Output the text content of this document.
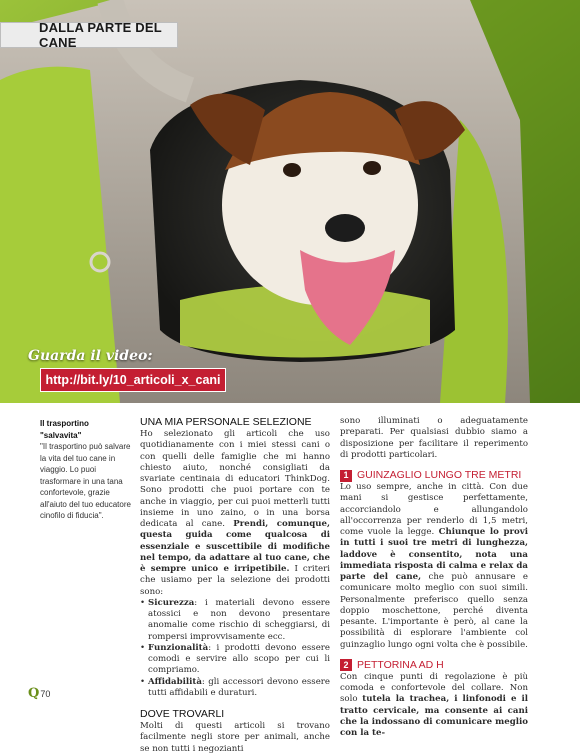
DALLA PARTE DEL CANE
Guarda il video:
http://bit.ly/10_articoli_x_cani
Il trasportino "salvavita"
"Il trasportino può salvare la vita del tuo cane in viaggio. Lo puoi trasformare in una tana confortevole, grazie all'aiuto del tuo educatore cinofilo di fiducia".
UNA MIA PERSONALE SELEZIONE

Ho selezionato gli articoli che uso quotidianamente con i miei stessi cani o con quelli delle famiglie che mi hanno chiesto aiuto, nonché consigliati da svariate centinaia di educatori ThinkDog. Sono prodotti che puoi portare con te anche in viaggio, per cui puoi metterli tutti insieme in uno zaino, o in una borsa dedicata al cane. Prendi, comunque, questa guida come qualcosa di essenziale e suscettibile di modifiche nel tempo, da adattare al tuo cane, che è sempre unico e irripetibile. I criteri che usiamo per la selezione dei prodotti sono:

• Sicurezza: i materiali devono essere atossici e non devono presentare anomalie come rischio di scheggiarsi, di rompersi improvvisamente ecc.
• Funzionalità: i prodotti devono essere comodi e servire allo scopo per cui li compriamo.
• Affidabilità: gli accessori devono essere tutti affidabili e duraturi.
DOVE TROVARLI

Molti di questi articoli si trovano facilmente negli store per animali, anche se non tutti i negozianti

sono illuminati o adeguatamente preparati. Per qualsiasi dubbio siamo a disposizione per facilitare il reperimento di prodotti particolari.

1 GUINZAGLIO LUNGO TRE METRI

Lo uso sempre, anche in città. Con due mani si gestisce perfettamente, accorciandolo e allungandolo all'occorrenza per renderlo di 1,5 metri, come vuole la legge. Chiunque lo provi in tutti i suoi tre metri di lunghezza, laddove è consentito, nota una immediata risposta di calma e relax da parte del cane, che può annusare e comunicare molto meglio con suoi simili. Personalmente preferisco quello senza doppio moschettone, perché diventa pesante. L'importante è però, al cane la possibilità di esplorare l'ambiente col guinzaglio lungo ogni volta che è possibile.

2 PETTORINA AD H

Con cinque punti di regolazione è più comoda e confortevole del collare. Non solo tutela la trachea, i linfonodi e il tratto cervicale, ma consente ai cani che la indossano di comunicare meglio con la te-

Q 70
